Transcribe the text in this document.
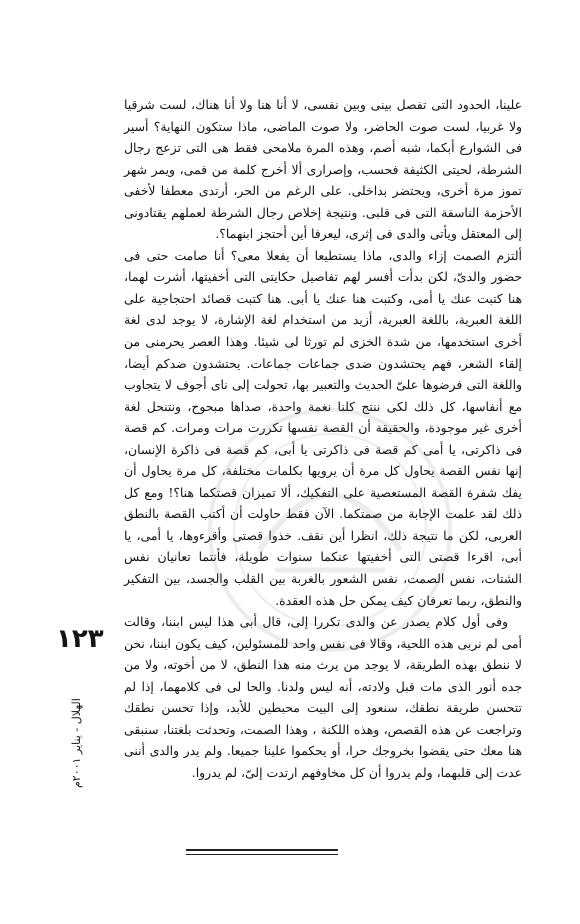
علينا، الحدود التى تفصل بينى وبين نفسى، لا أنا هنا ولا أنا هناك، لست شرقيا ولا غربيا، لست صوت الحاضر، ولا صوت الماضى، ماذا ستكون النهاية؟ أسير فى الشوارع أبكما، شبه أصم، وهذه المرة ملامحى فقط هى التى تزعج رجال الشرطة، لحيتى الكثيفة فحسب، وإصرارى ألا أخرج كلمة من فمى، ويمر شهر تموز مرة أخرى، ويحتضر بداخلى. على الرغم من الحر، أرتدى معطفا لأخفى الأحزمة الناسفة التى فى قلبى. ونتيجة إخلاص رجال الشرطة لعملهم يقتادونى إلى المعتقل ويأتى والدى فى إثرى، ليعرفا أين أحتجز ابنهما؟.

ألتزم الصمت إزاء والدى، ماذا يستطيعا أن يفعلا معى؟ أنا صامت حتى فى حضور والدىّ، لكن بدأت أفسر لهم تفاصيل حكايتى التى أخفيتها، أشرت لهما، هنا كتبت عنك يا أمى، وكتبت هنا عنك يا أبى. هنا كتبت قصائد احتجاجية على اللغة العبرية، باللغة العبرية، أزيد من استخدام لغة الإشارة، لا يوجد لدى لغة أخرى استخدمها، من شدة الخزى لم تورثا لى شيئا. وهذا العصر يحرمنى من إلقاء الشعر، فهم يحتشدون ضدى جماعات جماعات. يحتشدون ضدكم أيضا، واللغة التى فرضوها علىّ الحديث والتعبير بها، تحولت إلى ناى أجوف لا يتجاوب مع أنفاسها، كل ذلك لكى ننتج كلنا نغمة واحدة، صداها مبحوح، ونتنحل لغة أخرى غير موجودة، والحقيقة أن القصة نفسها تكررت مرات ومرات. كم قصة فى ذاكرتى، يا أمى كم قصة فى ذاكرتى يا أبى، كم قصة فى ذاكرة الإنسان، إنها نفس القصة يحاول كل مرة أن يرويها بكلمات مختلفة، كل مرة يحاول أن يفك شفرة القصة المستعصية على التفكيك، ألا تميزان قصتكما هنا؟! ومع كل ذلك لقد علمت الإجابة من صمتكما. الآن فقط حاولت أن أكتب القصة بالنطق العربى، لكن ما نتيجة ذلك، انظرا أين نقف. خذوا قصتى وأقرءوها، يا أمى، يا أبى، اقرءا قصتى التى أخفيتها عنكما سنوات طويلة، فأنتما تعانيان نفس الشتات، نفس الصمت، نفس الشعور بالغربة بين القلب والجسد، بين التفكير والنطق، ربما تعرفان كيف يمكن حل هذه العقدة.

وفى أول كلام يصدر عن والدى تكررا إلى، قال أبى هذا ليس ابننا، وقالت أمى لم نربى هذه اللحية، وقالا فى نفس واحد للمسئولين، كيف يكون ابننا، نحن لا ننطق بهذه الطريقة، لا يوجد من يرث منه هذا النطق، لا من أخوته، ولا من جده أنور الذى مات قبل ولادته، أنه ليس ولدنا. والحا لى فى كلامهما، إذا لم تتحسن طريقة نطقك، سنعود إلى البيت محبطين للأبد، وإذا تحسن نطقك وتراجعت عن هذه القصص، وهذه اللكنة ، وهذا الصمت، وتحدثت بلغتنا، سنبقى هنا معك حتى يقضوا بخروجك حرا، أو يحكموا علينا جميعا. ولم يدر والدى أننى عدت إلى قلبهما، ولم يدروا أن كل مخاوفهم ارتدت إلىّ، لم يدروا.

١٢٣
الهلال - يناير ٢٠٠١م
